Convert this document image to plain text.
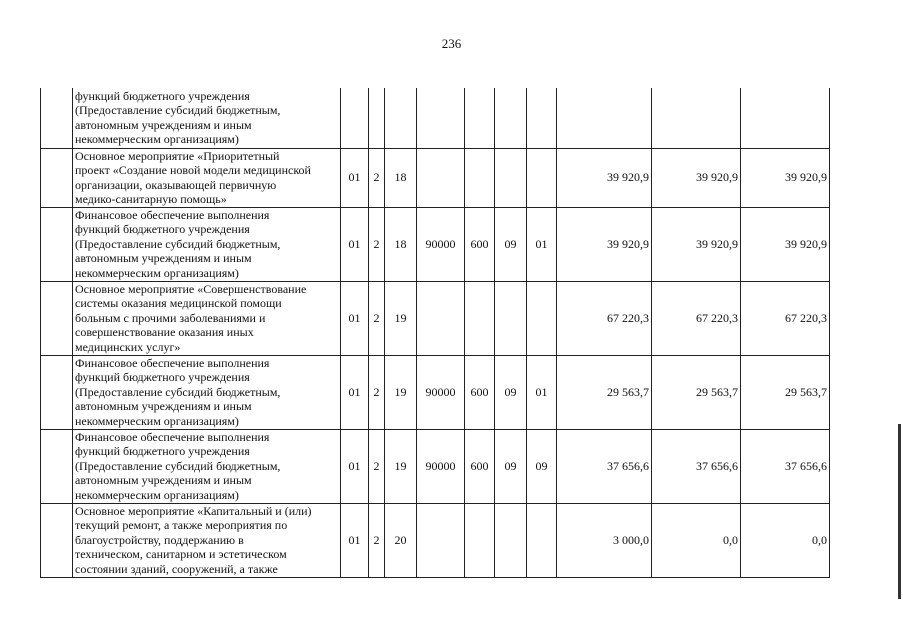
236
	функций бюджетного учреждения
(Предоставление субсидий бюджетным,
автономным учреждениям и иным
некоммерческим организациям)										
	Основное мероприятие «Приоритетный
проект «Создание новой модели медицинской
организации, оказывающей первичную
медико-санитарную помощь»	01	2	18					39 920,9	39 920,9	39 920,9
	Финансовое обеспечение выполнения
функций бюджетного учреждения
(Предоставление субсидий бюджетным,
автономным учреждениям и иным
некоммерческим организациям)	01	2	18	90000	600	09	01	39 920,9	39 920,9	39 920,9
	Основное мероприятие «Совершенствование
системы оказания медицинской помощи
больным с прочими заболеваниями и
совершенствование оказания иных
медицинских услуг»	01	2	19					67 220,3	67 220,3	67 220,3
	Финансовое обеспечение выполнения
функций бюджетного учреждения
(Предоставление субсидий бюджетным,
автономным учреждениям и иным
некоммерческим организациям)	01	2	19	90000	600	09	01	29 563,7	29 563,7	29 563,7
	Финансовое обеспечение выполнения
функций бюджетного учреждения
(Предоставление субсидий бюджетным,
автономным учреждениям и иным
некоммерческим организациям)	01	2	19	90000	600	09	09	37 656,6	37 656,6	37 656,6
	Основное мероприятие «Капитальный и (или)
текущий ремонт, а также мероприятия по
благоустройству, поддержанию в
техническом, санитарном и эстетическом
состоянии зданий, сооружений, а также	01	2	20					3 000,0	0,0	0,0
